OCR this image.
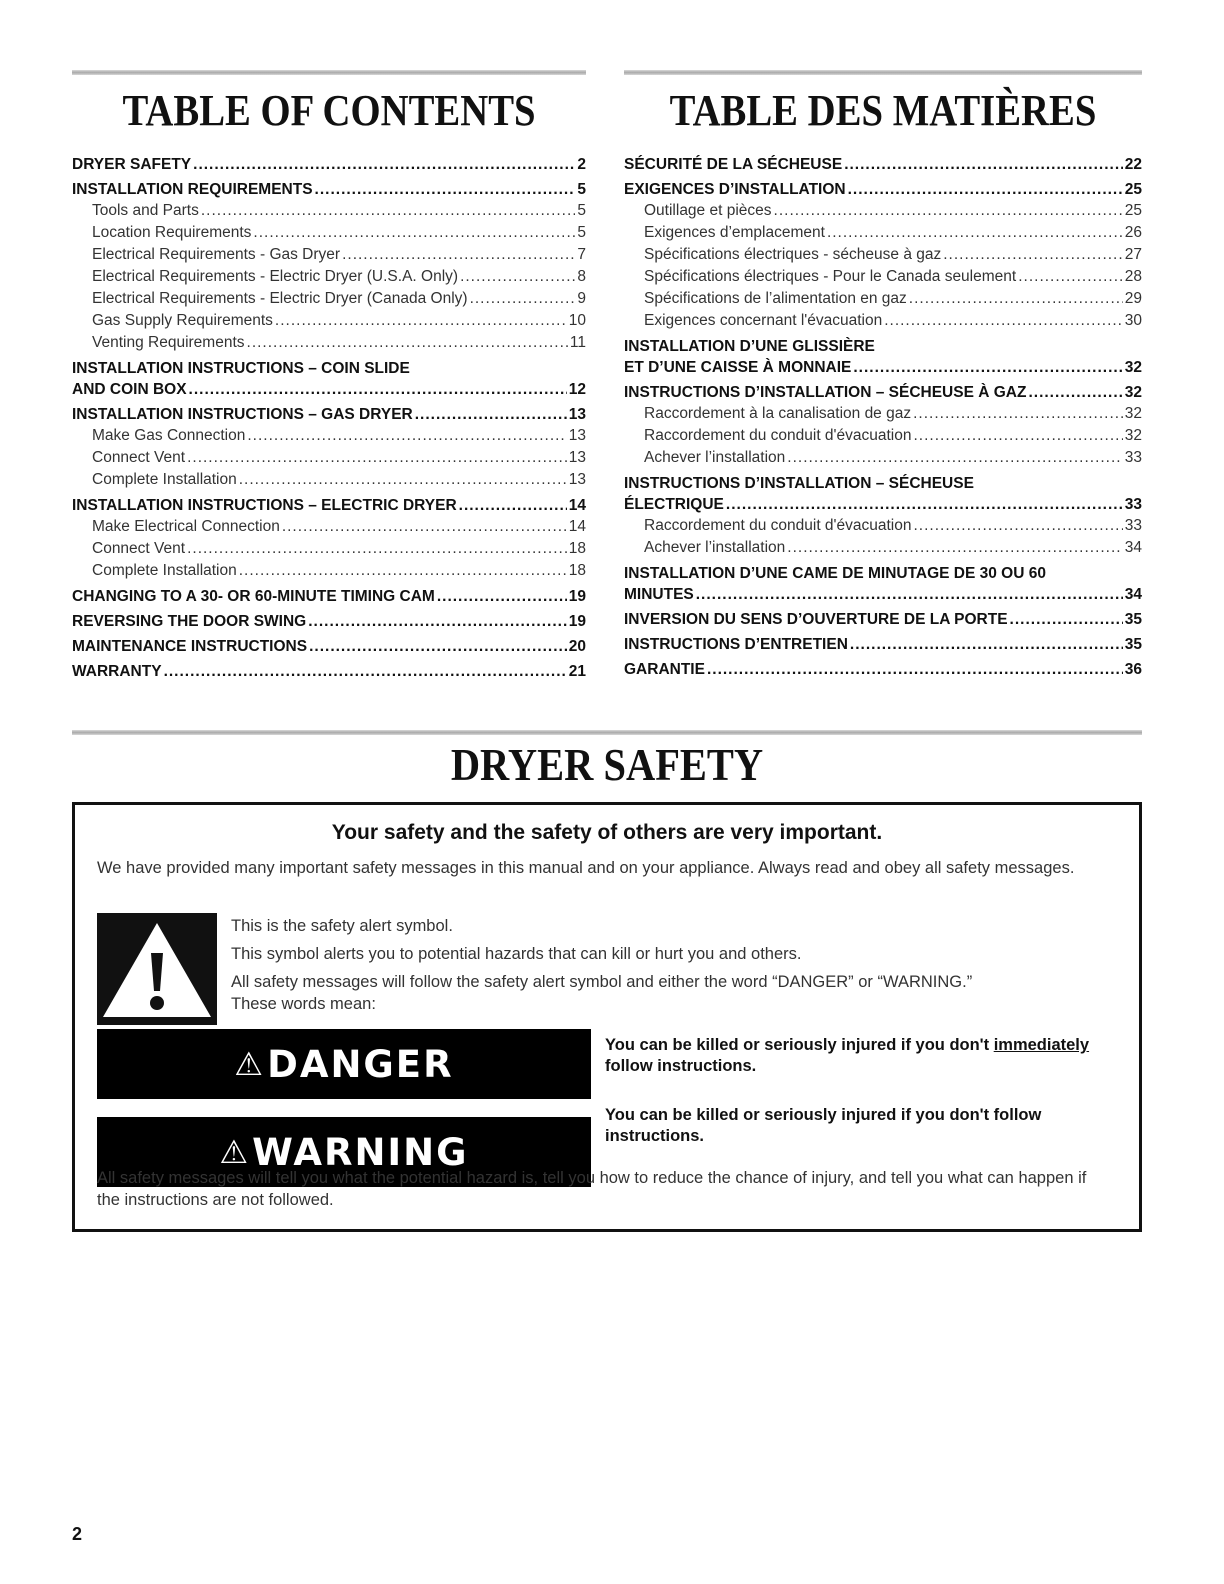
TABLE OF CONTENTS
DRYER SAFETY .....	2
INSTALLATION REQUIREMENTS .....	5
Tools and Parts .....	5
Location Requirements .....	5
Electrical Requirements - Gas Dryer .....	7
Electrical Requirements - Electric Dryer (U.S.A. Only) .....	8
Electrical Requirements - Electric Dryer (Canada Only) .....	9
Gas Supply Requirements .....	10
Venting Requirements .....	11
INSTALLATION INSTRUCTIONS – COIN SLIDE
AND COIN BOX .....	12
INSTALLATION INSTRUCTIONS – GAS DRYER .....	13
Make Gas Connection .....	13
Connect Vent .....	13
Complete Installation .....	13
INSTALLATION INSTRUCTIONS – ELECTRIC DRYER .....	14
Make Electrical Connection .....	14
Connect Vent .....	18
Complete Installation .....	18
CHANGING TO A 30- OR 60-MINUTE TIMING CAM .....	19
REVERSING THE DOOR SWING .....	19
MAINTENANCE INSTRUCTIONS .....	20
WARRANTY .....	21
TABLE DES MATIÈRES
SÉCURITÉ DE LA SÉCHEUSE .....	22
EXIGENCES D’INSTALLATION .....	25
Outillage et pièces .....	25
Exigences d’emplacement .....	26
Spécifications électriques - sécheuse à gaz .....	27
Spécifications électriques - Pour le Canada seulement .....	28
Spécifications de l’alimentation en gaz .....	29
Exigences concernant l'évacuation .....	30
INSTALLATION D’UNE GLISSIÈRE
ET D’UNE CAISSE À MONNAIE .....	32
INSTRUCTIONS D’INSTALLATION – SÉCHEUSE À GAZ .....	32
Raccordement à la canalisation de gaz .....	32
Raccordement du conduit d'évacuation .....	32
Achever l’installation .....	33
INSTRUCTIONS D’INSTALLATION – SÉCHEUSE
ÉLECTRIQUE .....	33
Raccordement du conduit d'évacuation .....	33
Achever l’installation .....	34
INSTALLATION D’UNE CAME DE MINUTAGE DE 30 OU 60
MINUTES .....	34
INVERSION DU SENS D’OUVERTURE DE LA PORTE .....	35
INSTRUCTIONS D’ENTRETIEN .....	35
GARANTIE .....	36
DRYER SAFETY
Your safety and the safety of others are very important.
We have provided many important safety messages in this manual and on your appliance. Always read and obey all safety messages.
This is the safety alert symbol.
This symbol alerts you to potential hazards that can kill or hurt you and others.
All safety messages will follow the safety alert symbol and either the word “DANGER” or “WARNING.”
These words mean:
⚠ DANGER	You can be killed or seriously injured if you don't immediately
follow instructions.
⚠ WARNING
You can be killed or seriously injured if you don't follow instructions.
All safety messages will tell you what the potential hazard is, tell you how to reduce the chance of injury, and tell you what can happen if the instructions are not followed.
2
